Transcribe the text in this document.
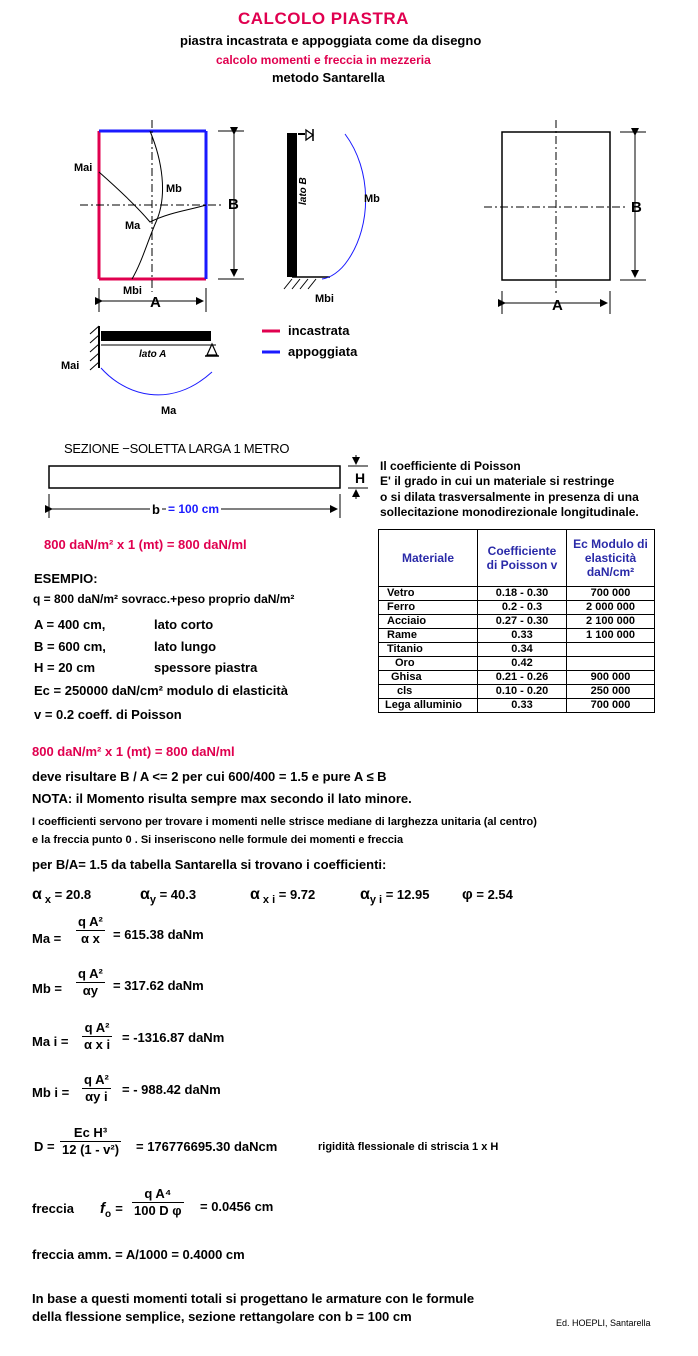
CALCOLO PIASTRA
piastra incastrata e appoggiata come da disegno
calcolo momenti e freccia in mezzeria
metodo Santarella
Mai
Mb
Ma
Mbi
B
A
lato B	Mb
Mbi
B
A
lato A
Mai
Ma
incastrata
appoggiata
SEZIONE −SOLETTA LARGA 1 METRO
H
b = 100 cm
800 daN/m² x 1 (mt) = 800 daN/ml
Il coefficiente di Poisson
E' il grado in cui un materiale si restringe
o si dilata trasversalmente in presenza di una
sollecitazione monodirezionale longitudinale.
Materiale	Coefficiente di Poisson v	Ec Modulo di elasticità daN/cm²
Vetro	0.18 - 0.30	700 000
Ferro	0.2 - 0.3	2 000 000
Acciaio	0.27 - 0.30	2 100 000
Rame	0.33	1 100 000
Titanio	0.34	
Oro	0.42	
Ghisa	0.21 - 0.26	900 000
cls	0.10 - 0.20	250 000
Lega alluminio	0.33	700 000
ESEMPIO:
q = 800 daN/m² sovracc.+peso proprio daN/m²
A = 400 cm,	lato corto
B = 600 cm,	lato lungo
H = 20 cm	spessore piastra
Ec = 250000 daN/cm² modulo di elasticità
v = 0.2 coeff. di Poisson
800 daN/m² x 1 (mt) = 800 daN/ml
deve risultare B / A <= 2 per cui 600/400 = 1.5 e pure A ≤ B
NOTA: il Momento risulta sempre max secondo il lato minore.
I coefficienti servono per trovare i momenti nelle strisce mediane di larghezza unitaria (al centro)
e la freccia punto 0 . Si inseriscono nelle formule dei momenti e freccia
per B/A= 1.5 da tabella Santarella si trovano i coefficienti:
α $_x$ = 20.8	$\alpha_y = 40.3$	α $_{x i}$ = 9.72	$\alpha_{y i} = 12.95$ φ = 2.54
$Ma = \frac{\text{q A²}}{\text{α x}} = 615.38$ daNm
$Mb = \frac{\text{q A²}}{\alpha y} = 317.62$ daNm
Ma $i = \frac{\text{q A²}}{\text{α x i}} = -1316.87$ daNm
Mb $i = \frac{\text{q A²}}{\text{αy i}}$ = - 988.42 daNm
$D = \frac{\text{Ec H³}}{\text{12 (1 - v²)}} = 176776695.30$ daNcm	rigidità flessionale di striscia 1 x H
freccia $f_o = \frac{\text{q A⁴}}{\text{100 D φ}} = 0.0456$ cm
freccia amm. = A/1000 = 0.4000 cm
In base a questi momenti totali si progettano le armature con le formule
della flessione semplice, sezione rettangolare con b = 100 cm	Ed. HOEPLI, Santarella
